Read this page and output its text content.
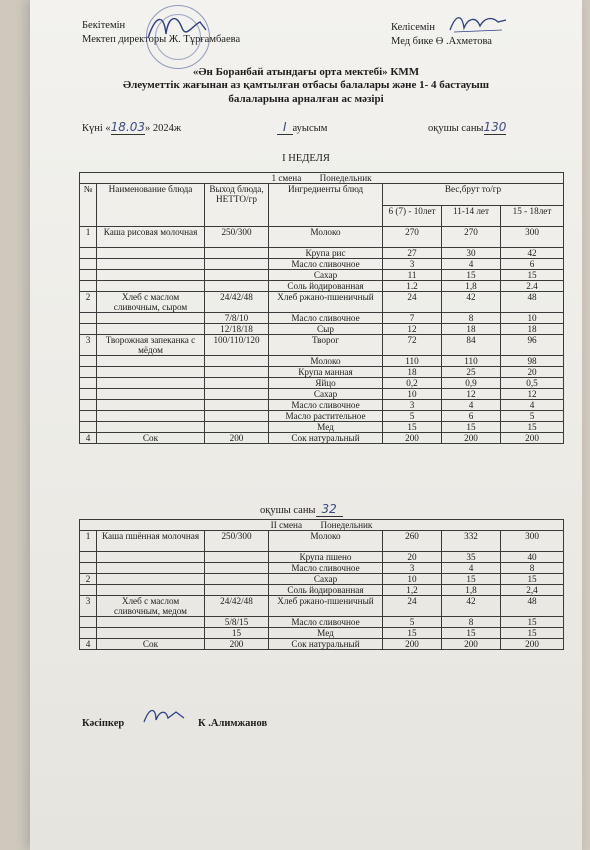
Бекітемін
Мектеп директоры Ж. Тұрғамбаева
Келісемін
Мед бике Ө .Ахметова
«Ән Боранбай атындағы орта мектебі» КММ
Әлеуметтік жағынан аз қамтылған отбасы балалары және 1- 4 бастауыш
балаларына арналған ас мәзірі
Күні «18.03» 2024ж	I ауысым	оқушы саны130
I НЕДЕЛЯ
1 смена Понедельник						
№	Наименование блюда	Выход блюда, НЕТТО/гр	Ингредиенты блюд	Вес,брут то/гр		
				6 (7) - 10лет	11-14 лет	15 - 18лет
1	Каша рисовая молочная	250/300	Молоко	270	270	300
			Крупа рис	27	30	42
			Масло сливочное	3	4	6
			Сахар	11	15	15
			Соль йодированная	1.2	1,8	2.4
2	Хлеб с маслом сливочным, сыром	24/42/48	Хлеб ржано-пшеничный	24	42	48
		7/8/10	Масло сливочное	7	8	10
		12/18/18	Сыр	12	18	18
3	Творожная запеканка с мёдом	100/110/120	Творог	72	84	96
			Молоко	110	110	98
			Крупа манная	18	25	20
			Яйцо	0,2	0,9	0,5
			Сахар	10	12	12
			Масло сливочное	3	4	4
			Масло растительное	5	6	5
			Мед	15	15	15
4	Сок	200	Сок натуральный	200	200	200
оқушы саны 32
II смена Понедельник						
1	Каша пшённая молочная	250/300	Молоко	260	332	300
			Крупа пшено	20	35	40
			Масло сливочное	3	4	8
2			Сахар	10	15	15
			Соль йодированная	1,2	1,8	2,4
3	Хлеб с маслом сливочным, медом	24/42/48	Хлеб ржано-пшеничный	24	42	48
		5/8/15	Масло сливочное	5	8	15
		15	Мед	15	15	15
4	Сок	200	Сок натуральный	200	200	200
Кәсіпкер	К .Алимжанов
